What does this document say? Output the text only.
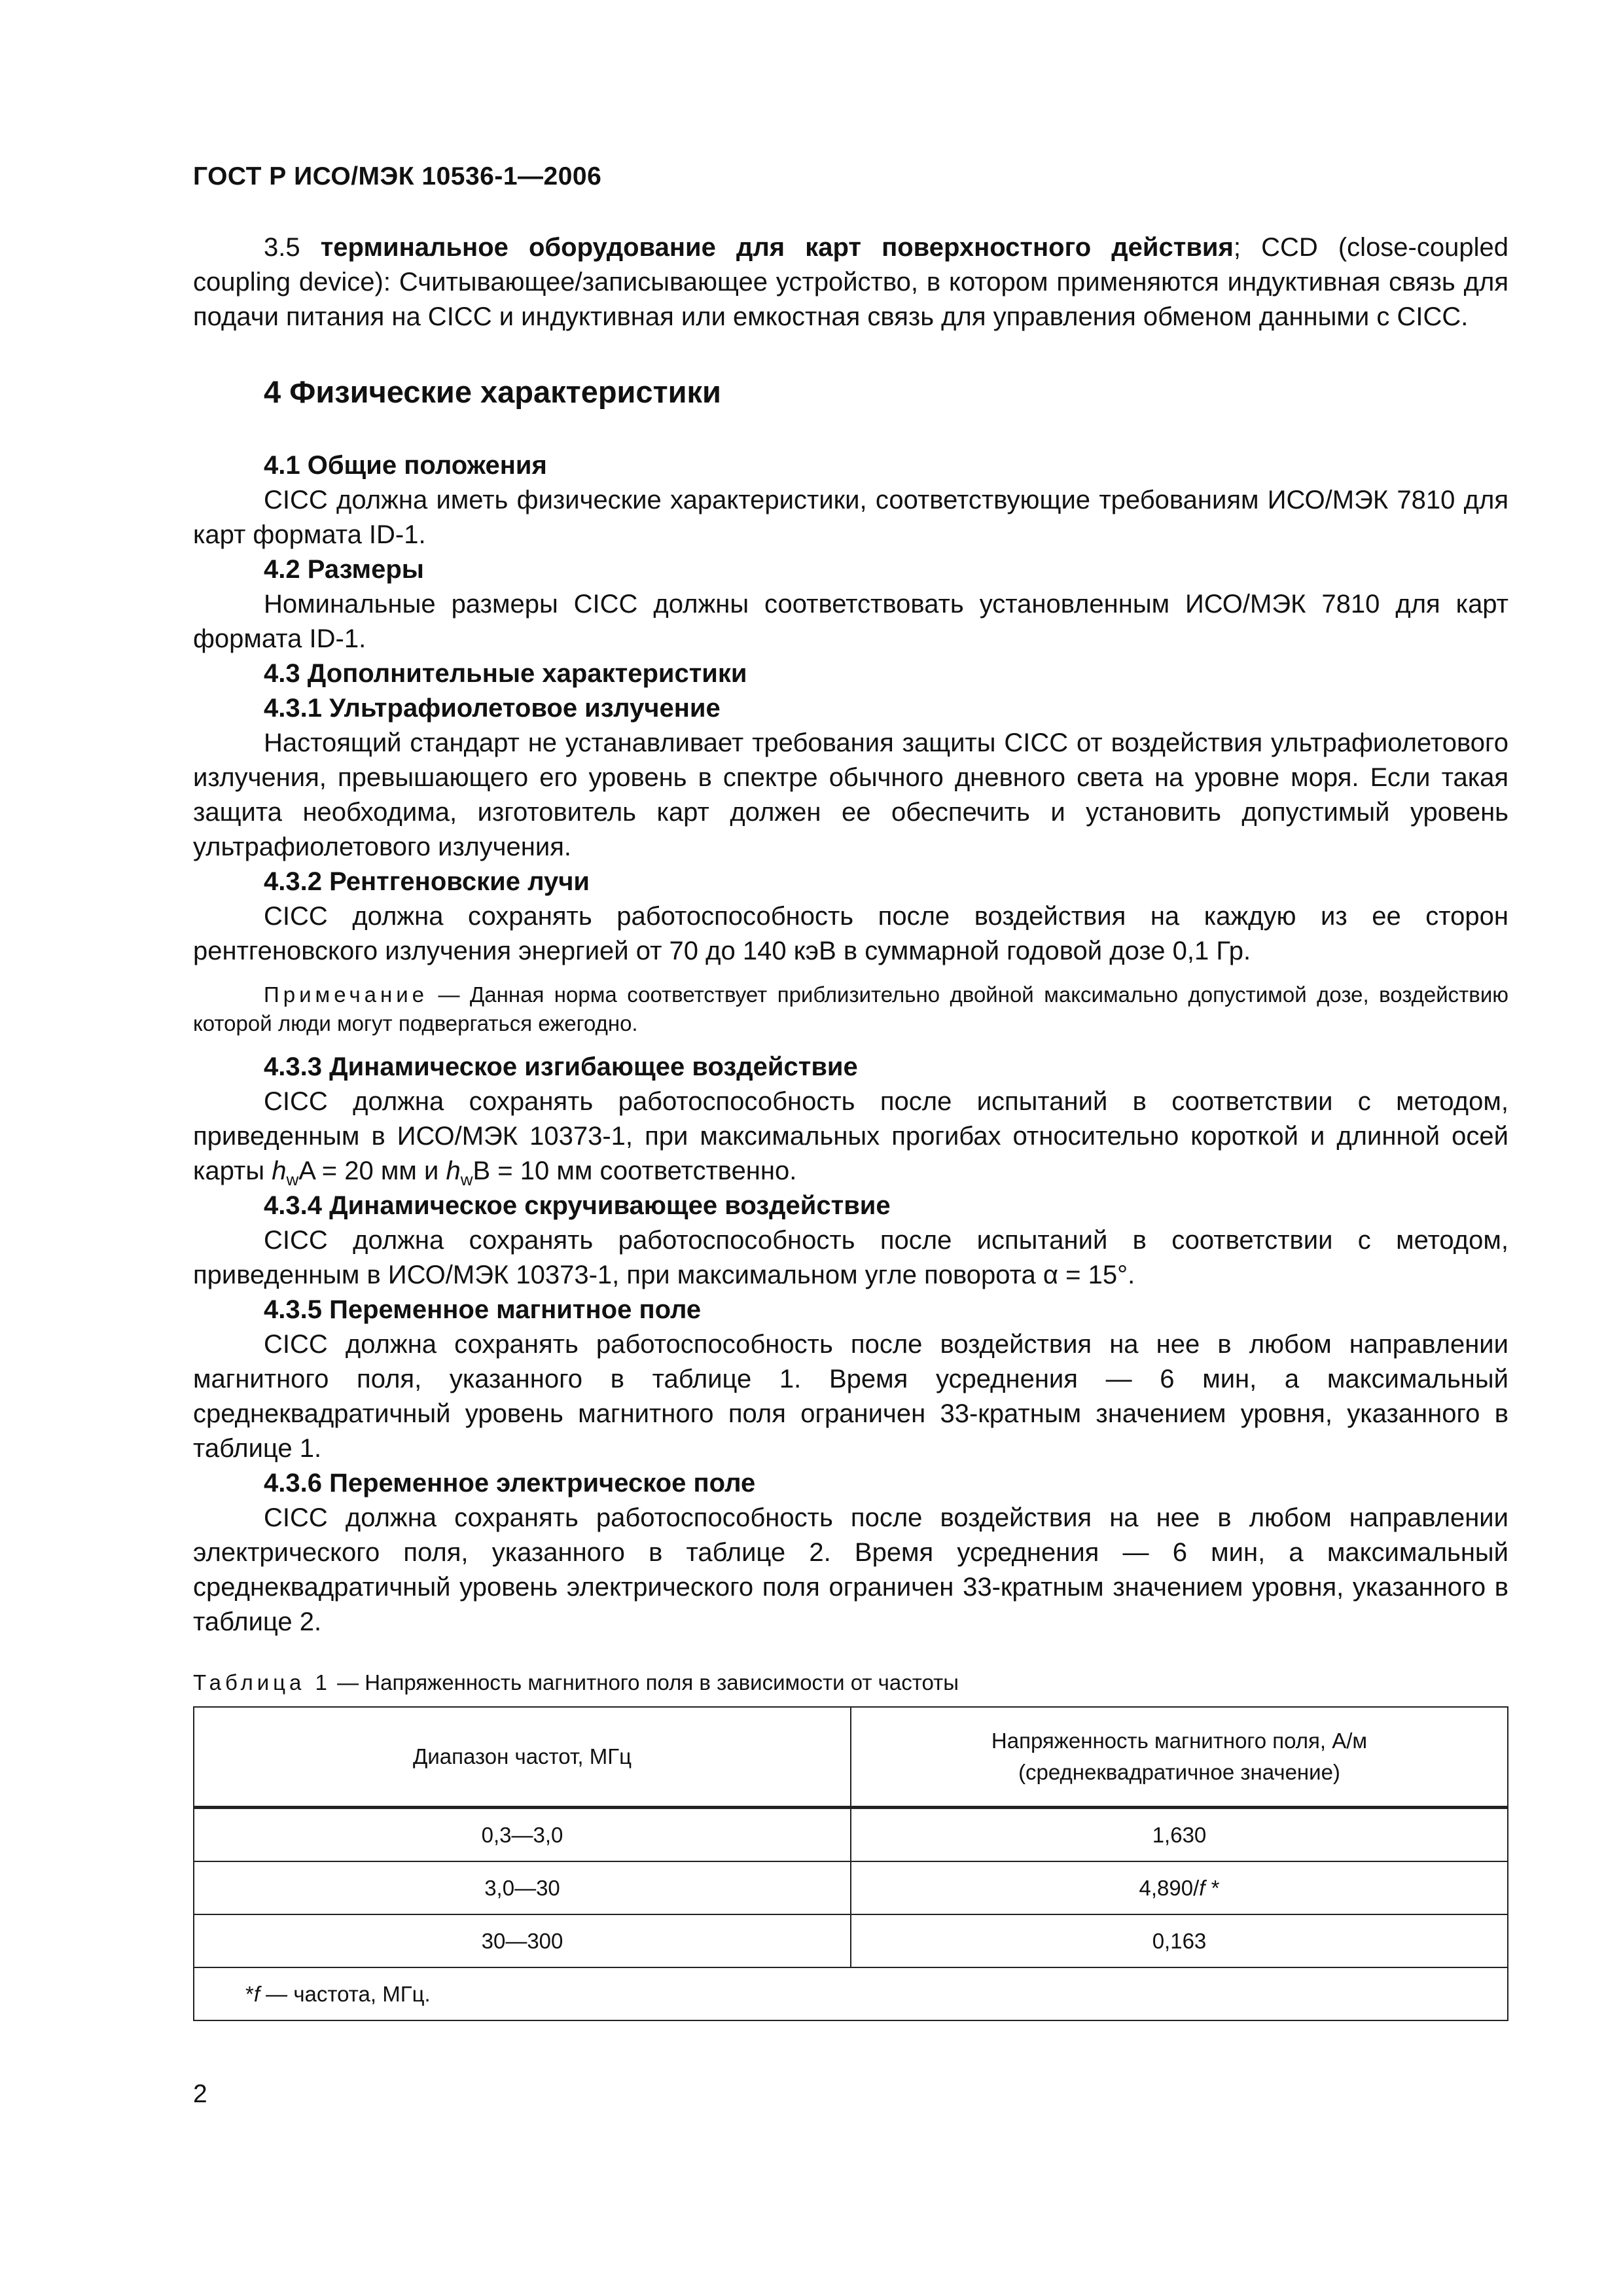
ГОСТ Р ИСО/МЭК 10536-1—2006

3.5 терминальное оборудование для карт поверхностного действия; CCD (close-coupled coupling device): Считывающее/записывающее устройство, в котором применяются индуктивная связь для подачи питания на CICC и индуктивная или емкостная связь для управления обменом данными с CICC.

4 Физические характеристики
4.1 Общие положения

CICC должна иметь физические характеристики, соответствующие требованиям ИСО/МЭК 7810 для карт формата ID-1.

4.2 Размеры

Номинальные размеры CICC должны соответствовать установленным ИСО/МЭК 7810 для карт формата ID-1.

4.3 Дополнительные характеристики
4.3.1 Ультрафиолетовое излучение

Настоящий стандарт не устанавливает требования защиты CICC от воздействия ультрафиолетового излучения, превышающего его уровень в спектре обычного дневного света на уровне моря. Если такая защита необходима, изготовитель карт должен ее обеспечить и установить допустимый уровень ультрафиолетового излучения.

4.3.2 Рентгеновские лучи

CICC должна сохранять работоспособность после воздействия на каждую из ее сторон рентгеновского излучения энергией от 70 до 140 кэВ в суммарной годовой дозе 0,1 Гр.

Примечание — Данная норма соответствует приблизительно двойной максимально допустимой дозе, воздействию которой люди могут подвергаться ежегодно.

4.3.3 Динамическое изгибающее воздействие

CICC должна сохранять работоспособность после испытаний в соответствии с методом, приведенным в ИСО/МЭК 10373-1, при максимальных прогибах относительно короткой и длинной осей карты $h_wA = 20$ мм и $h_wB = 10$ мм соответственно.

4.3.4 Динамическое скручивающее воздействие

CICC должна сохранять работоспособность после испытаний в соответствии с методом, приведенным в ИСО/МЭК 10373-1, при максимальном угле поворота α = 15°.

4.3.5 Переменное магнитное поле

CICC должна сохранять работоспособность после воздействия на нее в любом направлении магнитного поля, указанного в таблице 1. Время усреднения — 6 мин, а максимальный среднеквадратичный уровень магнитного поля ограничен 33-кратным значением уровня, указанного в таблице 1.

4.3.6 Переменное электрическое поле

CICC должна сохранять работоспособность после воздействия на нее в любом направлении электрического поля, указанного в таблице 2. Время усреднения — 6 мин, а максимальный среднеквадратичный уровень электрического поля ограничен 33-кратным значением уровня, указанного в таблице 2.

Таблица 1 — Напряженность магнитного поля в зависимости от частоты
Диапазон частот, МГц	Напряженность магнитного поля, А/м
(среднеквадратичное значение)
0,3—3,0	1,630
3,0—30	4,890/f *
30—300	0,163
*f — частота, МГц.	
2
